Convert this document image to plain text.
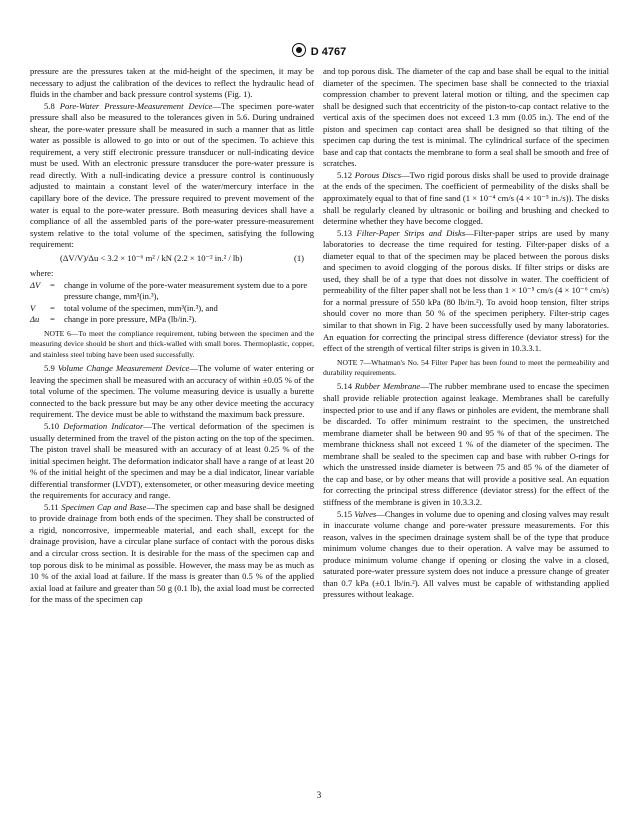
D 4767

pressure are the pressures taken at the mid-height of the specimen, it may be necessary to adjust the calibration of the devices to reflect the hydraulic head of fluids in the chamber and back pressure control systems (Fig. 1).

5.8 Pore-Water Pressure-Measurement Device—The specimen pore-water pressure shall also be measured to the tolerances given in 5.6. During undrained shear, the pore-water pressure shall be measured in such a manner that as little water as possible is allowed to go into or out of the specimen. To achieve this requirement, a very stiff electronic pressure transducer or null-indicating device must be used. With an electronic pressure transducer the pore-water pressure is read directly. With a null-indicating device a pressure control is continuously adjusted to maintain a constant level of the water/mercury interface in the capillary bore of the device. The pressure required to prevent movement of the water is equal to the pore-water pressure. Both measuring devices shall have a compliance of all the assembled parts of the pore-water pressure-measurement system relative to the total volume of the specimen, satisfying the following requirement:

(ΔV/V)/Δu < 3.2 × 10⁻⁶ m² / kN (2.2 × 10⁻² in.² / lb)	(1)

where:

ΔV	=	change in volume of the pore-water measurement system due to a pore pressure change, mm³(in.³),
V	=	total volume of the specimen, mm³(in.³), and
Δu	=	change in pore pressure, MPa (lb/in.²).

NOTE 6—To meet the compliance requirement, tubing between the specimen and the measuring device should be short and thick-walled with small bores. Thermoplastic, copper, and stainless steel tubing have been used successfully.

5.9 Volume Change Measurement Device—The volume of water entering or leaving the specimen shall be measured with an accuracy of within ±0.05 % of the total volume of the specimen. The volume measuring device is usually a burette connected to the back pressure but may be any other device meeting the accuracy requirement. The device must be able to withstand the maximum back pressure.

5.10 Deformation Indicator—The vertical deformation of the specimen is usually determined from the travel of the piston acting on the top of the specimen. The piston travel shall be measured with an accuracy of at least 0.25 % of the initial specimen height. The deformation indicator shall have a range of at least 20 % of the initial height of the specimen and may be a dial indicator, linear variable differential transformer (LVDT), extensometer, or other measuring device meeting the requirements for accuracy and range.

5.11 Specimen Cap and Base—The specimen cap and base shall be designed to provide drainage from both ends of the specimen. They shall be constructed of a rigid, noncorrosive, impermeable material, and each shall, except for the drainage provision, have a circular plane surface of contact with the porous disks and a circular cross section. It is desirable for the mass of the specimen cap and top porous disk to be minimal as possible. However, the mass may be as much as 10 % of the axial load at failure. If the mass is greater than 0.5 % of the applied axial load at failure and greater than 50 g (0.1 lb), the axial load must be corrected for the mass of the specimen cap

and top porous disk. The diameter of the cap and base shall be equal to the initial diameter of the specimen. The specimen base shall be connected to the triaxial compression chamber to prevent lateral motion or tilting, and the specimen cap shall be designed such that eccentricity of the piston-to-cap contact relative to the vertical axis of the specimen does not exceed 1.3 mm (0.05 in.). The end of the piston and specimen cap contact area shall be designed so that tilting of the specimen cap during the test is minimal. The cylindrical surface of the specimen base and cap that contacts the membrane to form a seal shall be smooth and free of scratches.

5.12 Porous Discs—Two rigid porous disks shall be used to provide drainage at the ends of the specimen. The coefficient of permeability of the disks shall be approximately equal to that of fine sand (1 × 10⁻⁴ cm/s (4 × 10⁻⁵ in./s)). The disks shall be regularly cleaned by ultrasonic or boiling and brushing and checked to determine whether they have become clogged.

5.13 Filter-Paper Strips and Disks—Filter-paper strips are used by many laboratories to decrease the time required for testing. Filter-paper disks of a diameter equal to that of the specimen may be placed between the porous disks and specimen to avoid clogging of the porous disks. If filter strips or disks are used, they shall be of a type that does not dissolve in water. The coefficient of permeability of the filter paper shall not be less than 1 × 10⁻⁵ cm/s (4 × 10⁻⁶ cm/s) for a normal pressure of 550 kPa (80 lb/in.²). To avoid hoop tension, filter strips should cover no more than 50 % of the specimen periphery. Filter-strip cages similar to that shown in Fig. 2 have been successfully used by many laboratories. An equation for correcting the principal stress difference (deviator stress) for the effect of the strength of vertical filter strips is given in 10.3.3.1.

NOTE 7—Whatman's No. 54 Filter Paper has been found to meet the permeability and durability requirements.

5.14 Rubber Membrane—The rubber membrane used to encase the specimen shall provide reliable protection against leakage. Membranes shall be carefully inspected prior to use and if any flaws or pinholes are evident, the membrane shall be discarded. To offer minimum restraint to the specimen, the unstretched membrane diameter shall be between 90 and 95 % of that of the specimen. The membrane thickness shall not exceed 1 % of the diameter of the specimen. The membrane shall be sealed to the specimen cap and base with rubber O-rings for which the unstressed inside diameter is between 75 and 85 % of the diameter of the cap and base, or by other means that will provide a positive seal. An equation for correcting the principal stress difference (deviator stress) for the effect of the stiffness of the membrane is given in 10.3.3.2.

5.15 Valves—Changes in volume due to opening and closing valves may result in inaccurate volume change and pore-water pressure measurements. For this reason, valves in the specimen drainage system shall be of the type that produce minimum volume changes due to their operation. A valve may be assumed to produce minimum volume change if opening or closing the valve in a closed, saturated pore-water pressure system does not induce a pressure change of greater than 0.7 kPa (±0.1 lb/in.²). All valves must be capable of withstanding applied pressures without leakage.

3
